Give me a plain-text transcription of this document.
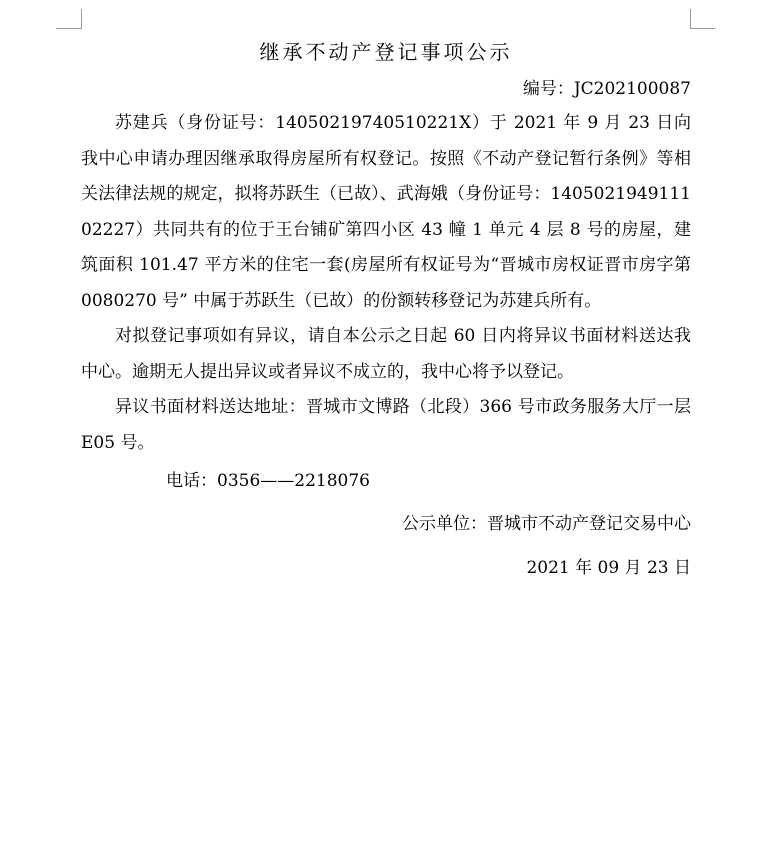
继承不动产登记事项公示

编号：JC202100087

苏建兵（身份证号：14050219740510221X）于 2021 年 9 月 23 日向我中心申请办理因继承取得房屋所有权登记。按照《不动产登记暂行条例》等相关法律法规的规定，拟将苏跃生（已故）、武海娥（身份证号：140502194911102227）共同共有的位于王台铺矿第四小区 43 幢 1 单元 4 层 8 号的房屋，建筑面积 101.47 平方米的住宅一套(房屋所有权证号为“晋城市房权证晋市房字第 0080270 号” 中属于苏跃生（已故）的份额转移登记为苏建兵所有。

对拟登记事项如有异议，请自本公示之日起 60 日内将异议书面材料送达我中心。逾期无人提出异议或者异议不成立的，我中心将予以登记。

异议书面材料送达地址：晋城市文博路（北段）366 号市政务服务大厅一层 E05 号。

电话：0356——2218076

公示单位：晋城市不动产登记交易中心

2021 年 09 月 23 日
